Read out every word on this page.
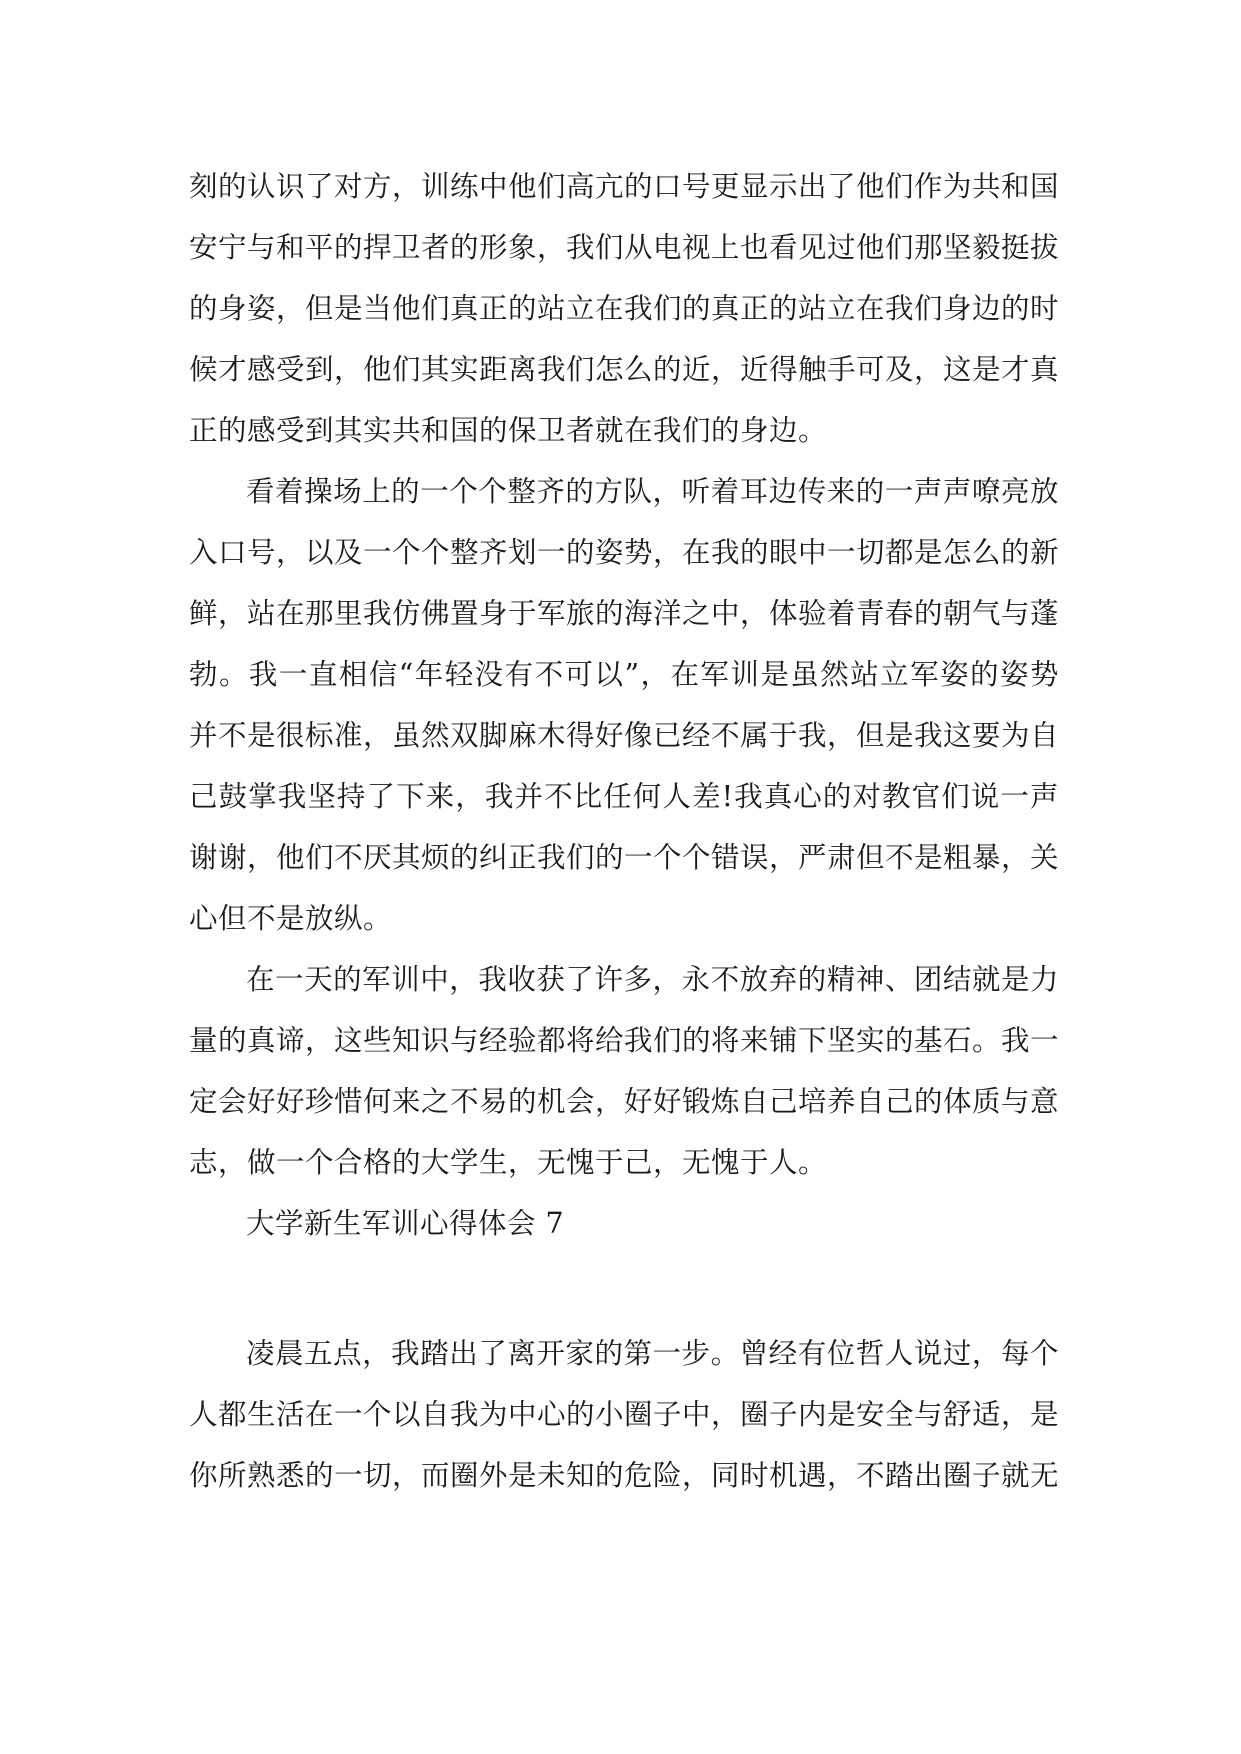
刻的认识了对方，训练中他们高亢的口号更显示出了他们作为共和国安宁与和平的捍卫者的形象，我们从电视上也看见过他们那坚毅挺拔的身姿，但是当他们真正的站立在我们的真正的站立在我们身边的时候才感受到，他们其实距离我们怎么的近，近得触手可及，这是才真正的感受到其实共和国的保卫者就在我们的身边。

看着操场上的一个个整齐的方队，听着耳边传来的一声声嘹亮放入口号，以及一个个整齐划一的姿势，在我的眼中一切都是怎么的新鲜，站在那里我仿佛置身于军旅的海洋之中，体验着青春的朝气与蓬勃。我一直相信“年轻没有不可以”，在军训是虽然站立军姿的姿势并不是很标准，虽然双脚麻木得好像已经不属于我，但是我这要为自己鼓掌我坚持了下来，我并不比任何人差!我真心的对教官们说一声谢谢，他们不厌其烦的纠正我们的一个个错误，严肃但不是粗暴，关心但不是放纵。

在一天的军训中，我收获了许多，永不放弃的精神、团结就是力量的真谛，这些知识与经验都将给我们的将来铺下坚实的基石。我一定会好好珍惜何来之不易的机会，好好锻炼自己培养自己的体质与意志，做一个合格的大学生，无愧于己，无愧于人。

大学新生军训心得体会 7

凌晨五点，我踏出了离开家的第一步。曾经有位哲人说过，每个人都生活在一个以自我为中心的小圈子中，圈子内是安全与舒适，是你所熟悉的一切，而圈外是未知的危险，同时机遇，不踏出圈子就无
